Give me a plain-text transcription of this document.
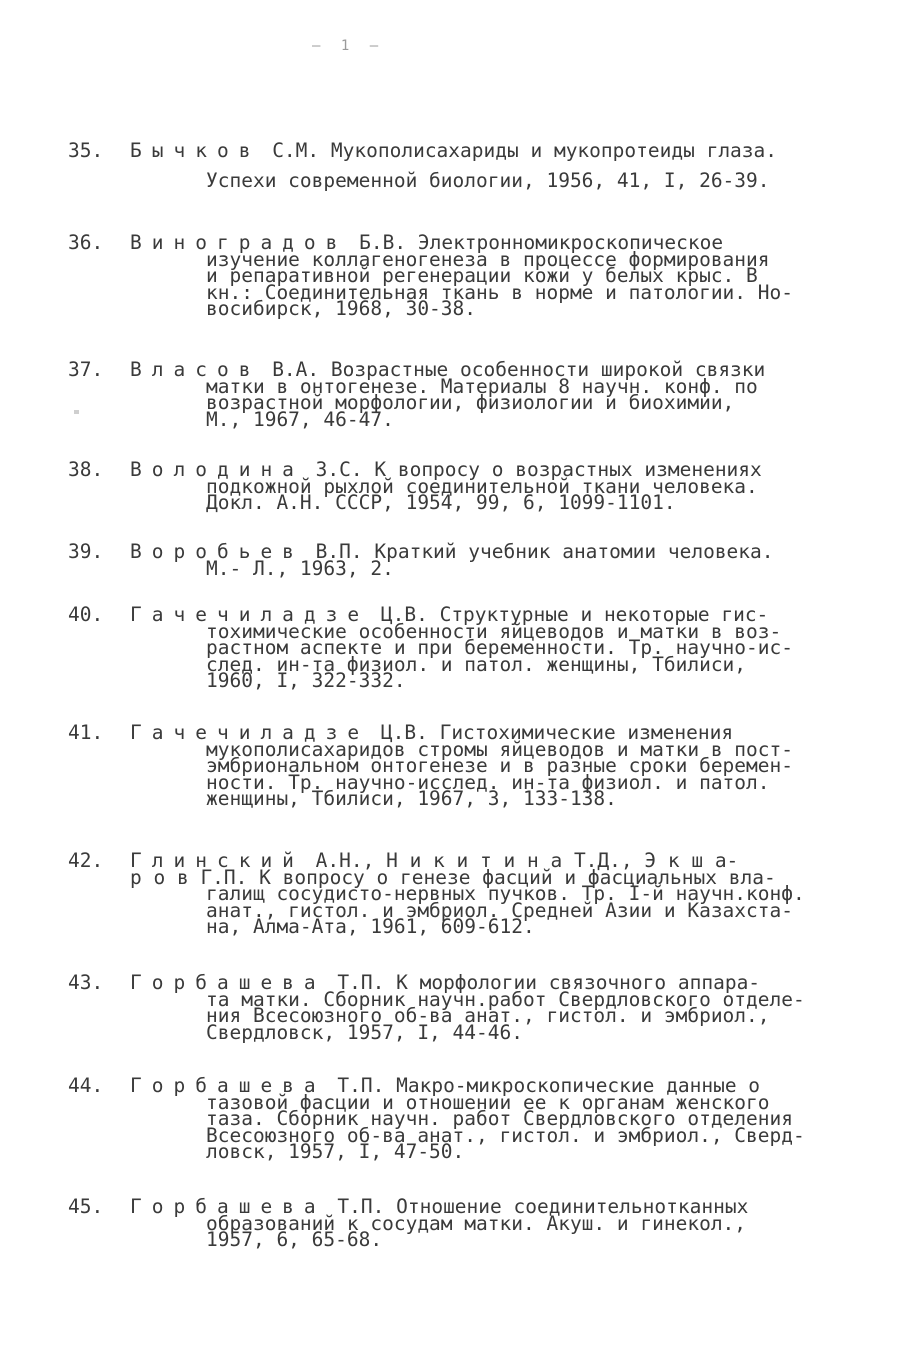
– 1 –
35. Бычков С.М. Мукополисахариды и мукопротеиды глаза.
Успехи современной биологии, 1956, 41, I, 26-39.
36. Виноградов Б.В. Электронномикроскопическое
изучение коллагеногенеза в процессе формирования
и репаративной регенерации кожи у белых крыс. В
кн.: Соединительная ткань в норме и патологии. Но-
восибирск, 1968, 30-38.
37. Власов В.А. Возрастные особенности широкой связки
матки в онтогенезе. Материалы 8 научн. конф. по
возрастной морфологии, физиологии и биохимии,
М., 1967, 46-47.
38. Володина З.С. К вопросу о возрастных изменениях
подкожной рыхлой соединительной ткани человека.
Докл. А.Н. СССР, 1954, 99, 6, 1099-1101.
39. Воробьев В.П. Краткий учебник анатомии человека.
М.- Л., 1963, 2.
40. Гачечиладзе Ц.В. Структурные и некоторые гис-
тохимические особенности яйцеводов и матки в воз-
растном аспекте и при беременности. Тр. научно-ис-
след. ин-та физиол. и патол. женщины, Тбилиси,
1960, I, 322-332.
41. Гачечиладзе Ц.В. Гистохимические изменения
мукополисахаридов стромы яйцеводов и матки в пост-
эмбриональном онтогенезе и в разные сроки беремен-
ности. Тр. научно-исслед. ин-та физиол. и патол.
женщины, Тбилиси, 1967, 3, 133-138.
42. Глинский А.Н., Н и к и т и н а Т.Д., Э к ш а-
р о в Г.П. К вопросу о генезе фасций и фасциальных вла-
галищ сосудисто-нервных пучков. Тр. I-й научн.конф.
анат., гистол. и эмбриол. Средней Азии и Казахста-
на, Алма-Ата, 1961, 609-612.
43. Горбашева Т.П. К морфологии связочного аппара-
та матки. Сборник научн.работ Свердловского отделе-
ния Всесоюзного об-ва анат., гистол. и эмбриол.,
Свердловск, 1957, I, 44-46.
44. Горбашева Т.П. Макро-микроскопические данные о
тазовой фасции и отношении ее к органам женского
таза. Сборник научн. работ Свердловского отделения
Всесоюзного об-ва анат., гистол. и эмбриол., Сверд-
ловск, 1957, I, 47-50.
45. Горбашева Т.П. Отношение соединительнотканных
образований к сосудам матки. Акуш. и гинекол.,
1957, 6, 65-68.
